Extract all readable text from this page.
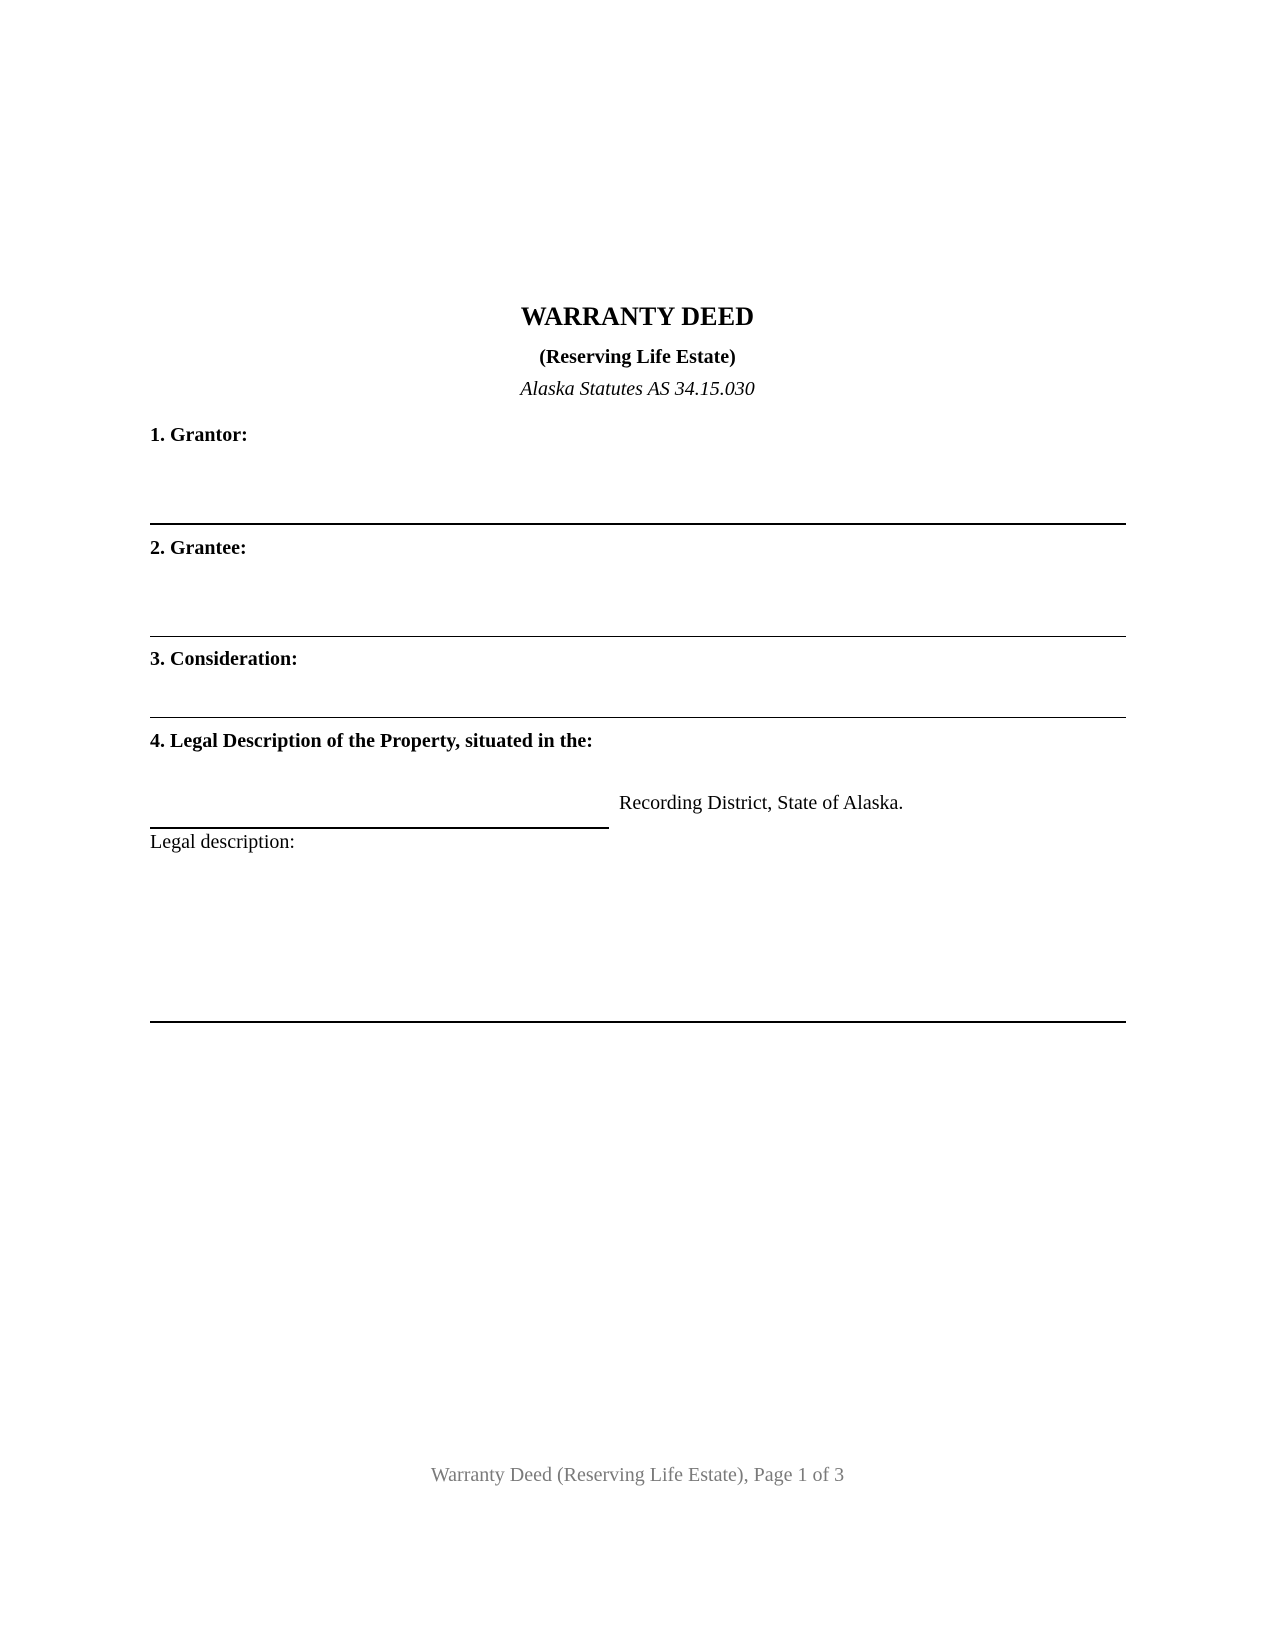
WARRANTY DEED
(Reserving Life Estate)
Alaska Statutes AS 34.15.030
1. Grantor:
2. Grantee:
3. Consideration:
4. Legal Description of the Property, situated in the:
Recording District, State of Alaska.
Legal description:
Warranty Deed (Reserving Life Estate), Page 1 of 3
